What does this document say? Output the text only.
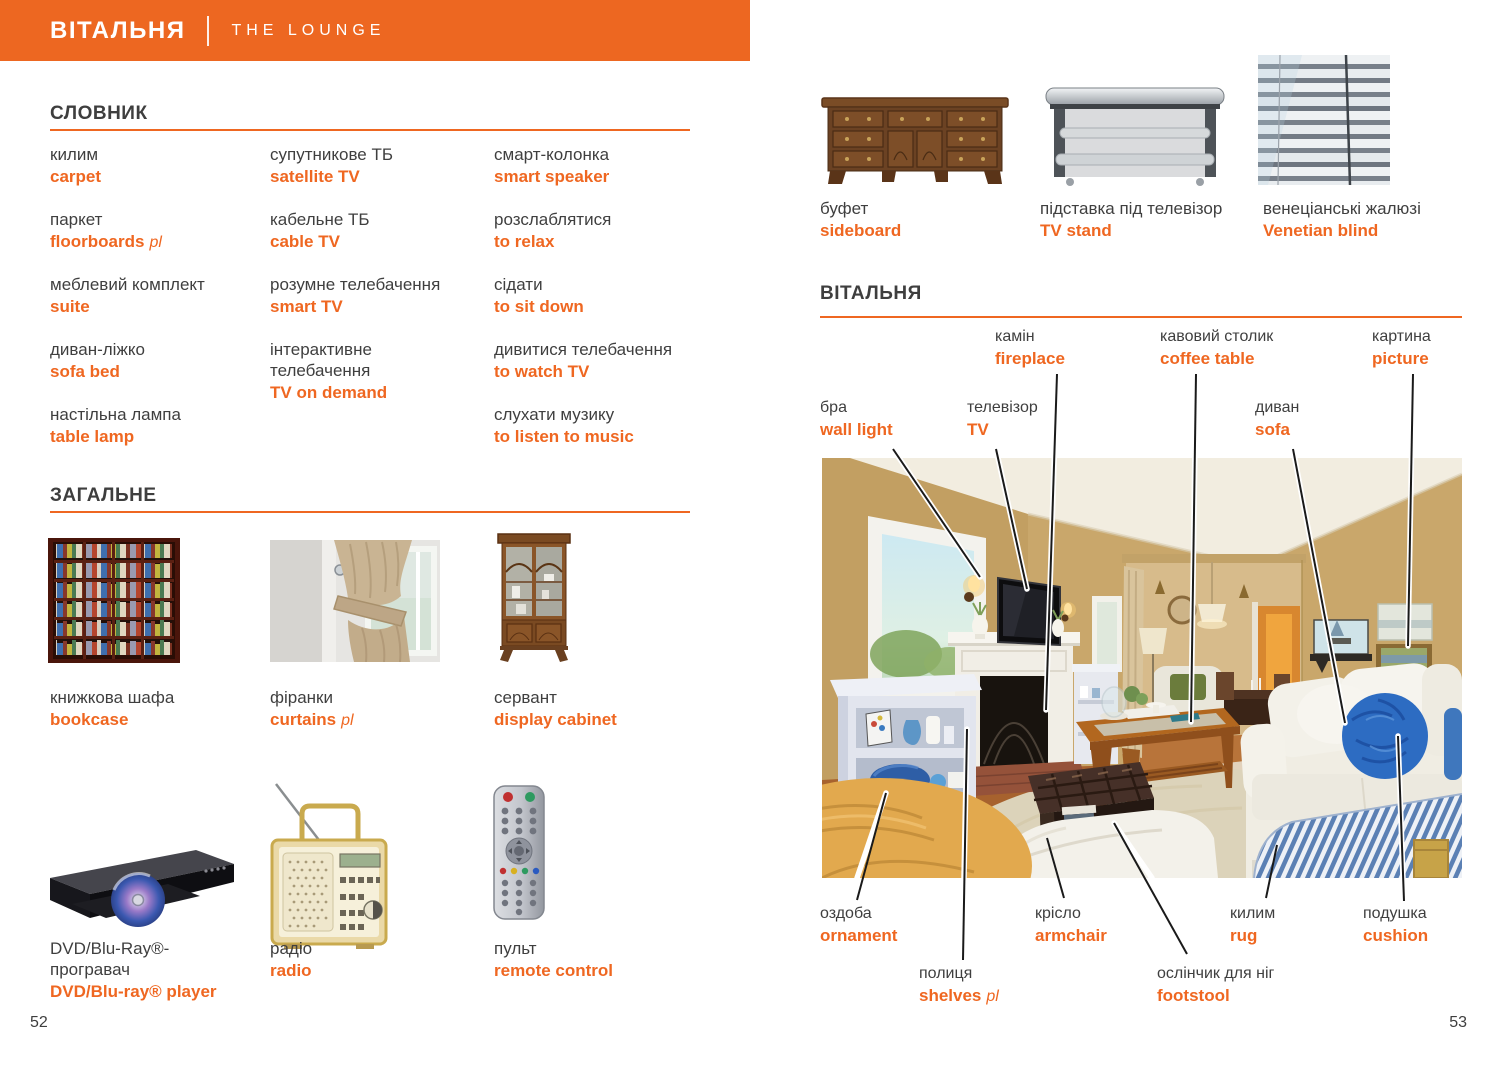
ВІТАЛЬНЯ	THE LOUNGE
СЛОВНИК
килим
carpet
паркет
floorboards pl
меблевий комплект
suite
диван-ліжко
sofa bed
настільна лампа
table lamp
супутникове ТБ
satellite TV
кабельне ТБ
cable TV
розумне телебачення
smart TV
інтерактивне телебачення
TV on demand
смарт-колонка
smart speaker
розслаблятися
to relax
сідати
to sit down
дивитися телебачення
to watch TV
слухати музику
to listen to music
ЗАГАЛЬНЕ
книжкова шафа
bookcase
фіранки
curtains pl
сервант
display cabinet
DVD/Blu-Ray®-програвач
DVD/Blu-ray® player
радіо
radio
пульт
remote control
буфет
sideboard
підставка під телевізор
TV stand
венеціанські жалюзі
Venetian blind
ВІТАЛЬНЯ
камін
fireplace
кавовий столик
coffee table
картина
picture
бра
wall light
телевізор
TV
диван
sofa
оздоба
ornament
крісло
armchair
килим
rug
подушка
cushion
полиця
shelves pl
ослінчик для ніг
footstool
52	53
